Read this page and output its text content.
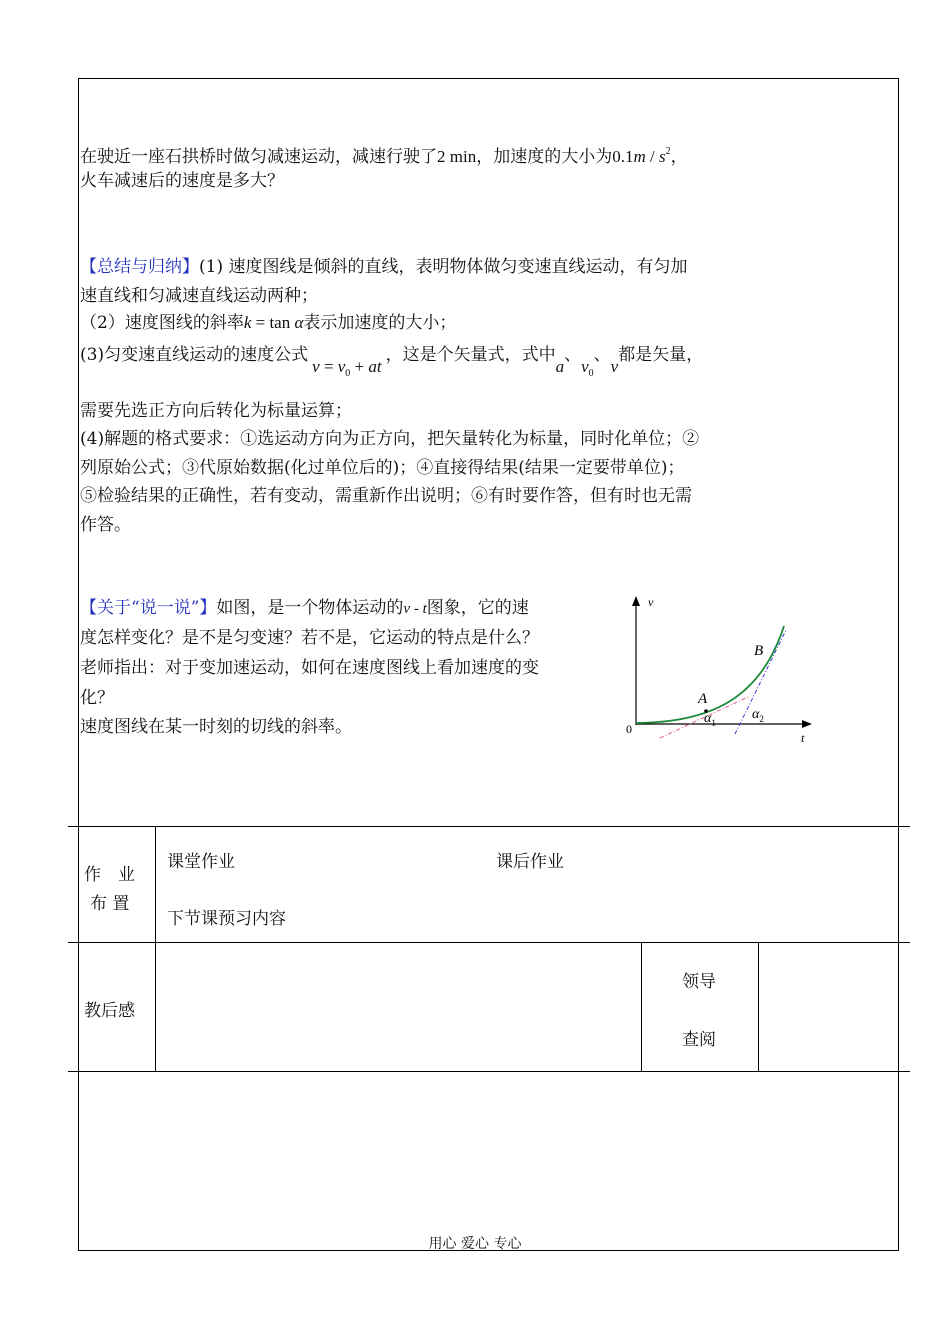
在驶近一座石拱桥时做匀减速运动，减速行驶了2 min，加速度的大小为$0.1m / s^2$，
火车减速后的速度是多大？
【总结与归纳】(1) 速度图线是倾斜的直线，表明物体做匀变速直线运动，有匀加
速直线和匀减速直线运动两种；
（2）速度图线的斜率k = tan α表示加速度的大小；
(3)匀变速直线运动的速度公式$v = v_0$ + at，这是个矢量式，式中a、$v_0$、v都是矢量，
需要先选正方向后转化为标量运算；
(4)解题的格式要求：①选运动方向为正方向，把矢量转化为标量，同时化单位；②
列原始公式；③代原始数据(化过单位后的)；④直接得结果(结果一定要带单位)；
⑤检验结果的正确性，若有变动，需重新作出说明；⑥有时要作答，但有时也无需
作答。
【关于“说一说”】如图，是一个物体运动的v - t图象，它的速
度怎样变化？是不是匀变速？若不是，它运动的特点是什么？
老师指出：对于变加速运动，如何在速度图线上看加速度的变
化？
速度图线在某一时刻的切线的斜率。
v
t
0
A
B
$\alpha_1$
$\alpha_2$
作　业
布 置
课堂作业	课后作业
下节课预习内容
教后感
领导
查阅
用心 爱心 专心
